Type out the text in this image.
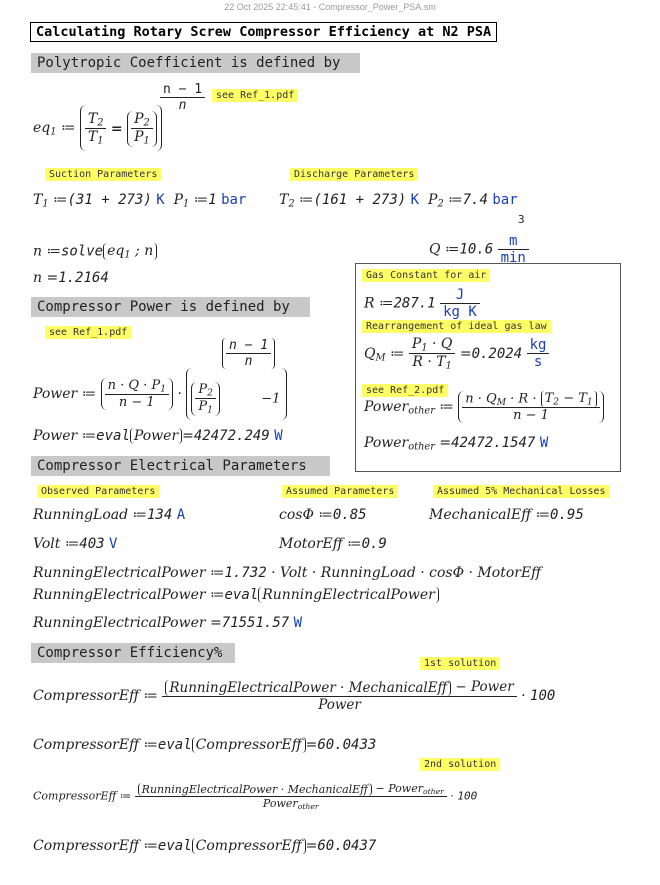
22 Oct 2025 22:45:41 - Compressor_Power_PSA.sm
Calculating Rotary Screw Compressor Efficiency at N2 PSA
Polytropic Coefficient is defined by
$eq_1$ ≔ $\frac{T_2}{T_1} = \frac{P_2}{P_1}$
$\frac{n - 1}{n}$	see Ref_1.pdf
Suction Parameters	Discharge Parameters
$T_1$ ≔(31 + 273) K  $P_1$ ≔1 bar $T_2$ ≔(161 + 273) K  $P_2$ ≔7.4 bar
Q ≔10.6 $\frac{m}{\min}$
3
n ≔solve $eq_1$ ; n
n =1.2164	Gas Constant for air
R ≔287.1 $\frac{J}{\text{kg K}}$
Rearrangement of ideal gas law
$Q_M$ ≔ $\frac{P_1 \cdot Q}{R \cdot T_1} =0.2024 \frac{kg}{s}$
see Ref_2.pdf
Power$_{other}$ ≔ $\frac{n \cdot Q_M \cdot R \cdot T_2 - T_1}{n - 1}$
Power$_{other}$ =42472.1547 W
Compressor Power is defined by
see Ref_1.pdf
Power ≔ $\frac{n \cdot Q \cdot P_1}{n - 1} \cdot \frac{P_2}{P_1} -1$
$\frac{n - 1}{n}$
Power ≔eval Power =42472.249 W
Compressor Electrical Parameters
Observed Parameters	Assumed Parameters	Assumed 5% Mechanical Losses
RunningLoad ≔134 A	cosΦ ≔0.85	MechanicalEff ≔0.95
Volt ≔403 V	MotorEff ≔0.9
RunningElectricalPower ≔1.732 · Volt · RunningLoad · cosΦ · MotorEff
RunningElectricalPower ≔eval RunningElectricalPower
RunningElectricalPower =71551.57 W
Compressor Efficiency%
1st solution
CompressorEff ≔ $\frac{\text{RunningElectricalPower · MechanicalEff − Power}}{\text{Power}} \cdot 100$
CompressorEff ≔eval CompressorEff =60.0433
2nd solution
CompressorEff ≔ $\frac{RunningElectricalPower \cdot MechanicalEff - Power_{other}}{Power_{other}} \cdot 100$
CompressorEff ≔eval CompressorEff =60.0437
